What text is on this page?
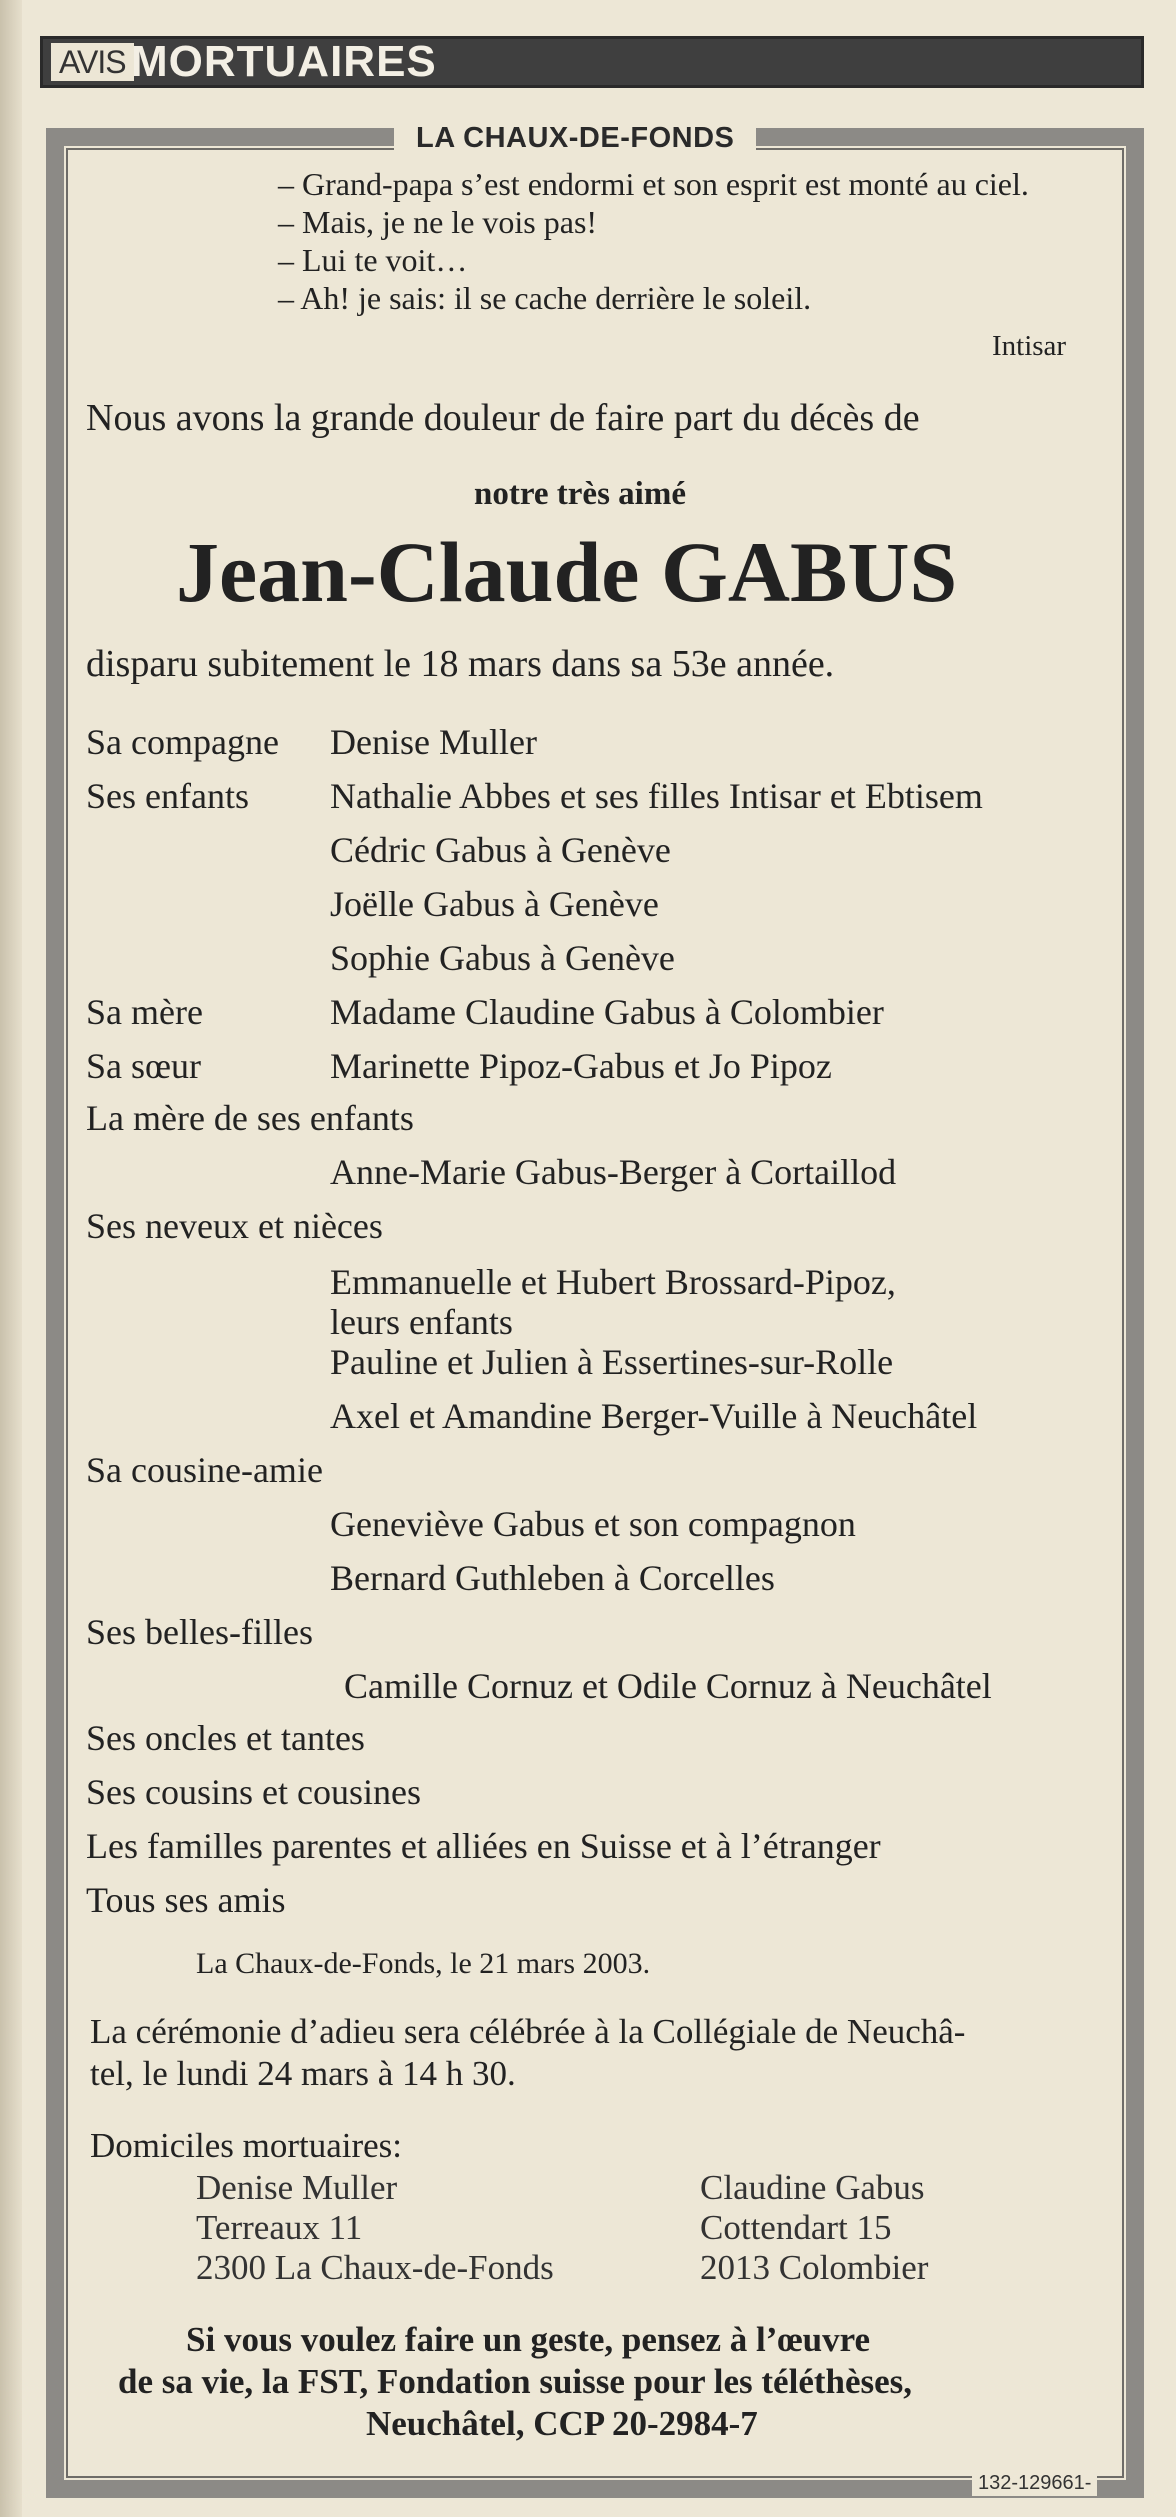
AVIS MORTUAIRES
LA CHAUX-DE-FONDS
– Grand-papa s’est endormi et son esprit est monté au ciel.
– Mais, je ne le vois pas!
– Lui te voit…
– Ah! je sais: il se cache derrière le soleil.
Intisar
Nous avons la grande douleur de faire part du décès de
notre très aimé
Jean-Claude GABUS
disparu subitement le 18 mars dans sa 53e année.
Sa compagne Denise Muller
Ses enfants Nathalie Abbes et ses filles Intisar et Ebtisem
Cédric Gabus à Genève
Joëlle Gabus à Genève
Sophie Gabus à Genève
Sa mère	Madame Claudine Gabus à Colombier
Sa sœur	Marinette Pipoz-Gabus et Jo Pipoz
La mère de ses enfants
Anne-Marie Gabus-Berger à Cortaillod
Ses neveux et nièces
Emmanuelle et Hubert Brossard-Pipoz,
leurs enfants
Pauline et Julien à Essertines-sur-Rolle
Axel et Amandine Berger-Vuille à Neuchâtel
Sa cousine-amie
Geneviève Gabus et son compagnon
Bernard Guthleben à Corcelles
Ses belles-filles
Camille Cornuz et Odile Cornuz à Neuchâtel
Ses oncles et tantes
Ses cousins et cousines
Les familles parentes et alliées en Suisse et à l’étranger
Tous ses amis
La Chaux-de-Fonds, le 21 mars 2003.
La cérémonie d’adieu sera célébrée à la Collégiale de Neuchâ-
tel, le lundi 24 mars à 14 h 30.
Domiciles mortuaires:
Denise Muller
Terreaux 11
2300 La Chaux-de-Fonds
Claudine Gabus
Cottendart 15
2013 Colombier
Si vous voulez faire un geste, pensez à l’œuvre
de sa vie, la FST, Fondation suisse pour les téléthèses,
Neuchâtel, CCP 20-2984-7
132-129661-
